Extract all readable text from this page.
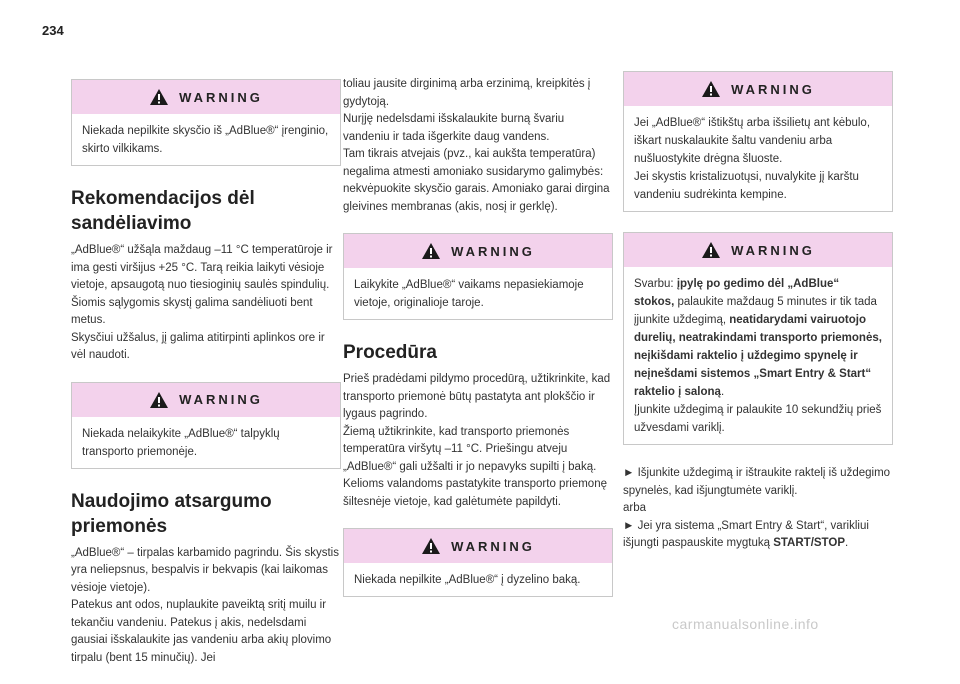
234
WARNING
Niekada nepilkite skysčio iš „AdBlue®“ įrenginio, skirto vilkikams.
Rekomendacijos dėl sandėliavimo

„AdBlue®“ užšąla maždaug –11 °C temperatūroje ir ima gesti viršijus +25 °C. Tarą reikia laikyti vėsioje vietoje, apsaugotą nuo tiesioginių saulės spindulių.
Šiomis sąlygomis skystį galima sandėliuoti bent metus.
Skysčiui užšalus, jį galima atitirpinti aplinkos ore ir vėl naudoti.

WARNING
Niekada nelaikykite „AdBlue®“ talpyklų transporto priemonėje.
Naudojimo atsargumo priemonės

„AdBlue®“ – tirpalas karbamido pagrindu. Šis skystis yra neliepsnus, bespalvis ir bekvapis (kai laikomas vėsioje vietoje).
Patekus ant odos, nuplaukite paveiktą sritį muilu ir tekančiu vandeniu. Patekus į akis, nedelsdami gausiai išskalaukite jas vandeniu arba akių plovimo tirpalu (bent 15 minučių). Jei

toliau jausite dirginimą arba erzinimą, kreipkitės į gydytoją.
Nurįję nedelsdami išskalaukite burną švariu vandeniu ir tada išgerkite daug vandens.
Tam tikrais atvejais (pvz., kai aukšta temperatūra) negalima atmesti amoniako susidarymo galimybės: nekvėpuokite skysčio garais. Amoniako garai dirgina gleivines membranas (akis, nosį ir gerklę).

WARNING
Laikykite „AdBlue®“ vaikams nepasiekiamoje vietoje, originalioje taroje.
Procedūra

Prieš pradėdami pildymo procedūrą, užtikrinkite, kad transporto priemonė būtų pastatyta ant plokščio ir lygaus pagrindo.
Žiemą užtikrinkite, kad transporto priemonės temperatūra viršytų –11 °C. Priešingu atveju „AdBlue®“ gali užšalti ir jo nepavyks supilti į baką. Kelioms valandoms pastatykite transporto priemonę šiltesnėje vietoje, kad galėtumėte papildyti.

WARNING
Niekada nepilkite „AdBlue®“ į dyzelino baką.
WARNING
Jei „AdBlue®“ ištikštų arba išsilietų ant kėbulo, iškart nuskalaukite šaltu vandeniu arba nušluostykite drėgna šluoste.
Jei skystis kristalizuotųsi, nuvalykite jį karštu vandeniu sudrėkinta kempine.
WARNING
Svarbu: įpylę po gedimo dėl „AdBlue“ stokos, palaukite maždaug 5 minutes ir tik tada įjunkite uždegimą, neatidarydami vairuotojo durelių, neatrakindami transporto priemonės, neįkišdami raktelio į uždegimo spynelę ir neįnešdami sistemos „Smart Entry & Start“ raktelio į saloną.
Įjunkite uždegimą ir palaukite 10 sekundžių prieš užvesdami variklį.

► Išjunkite uždegimą ir ištraukite raktelį iš uždegimo spynelės, kad išjungtumėte variklį.
arba
► Jei yra sistema „Smart Entry & Start“, varikliui išjungti paspauskite mygtuką START/STOP.

carmanualsonline.info
